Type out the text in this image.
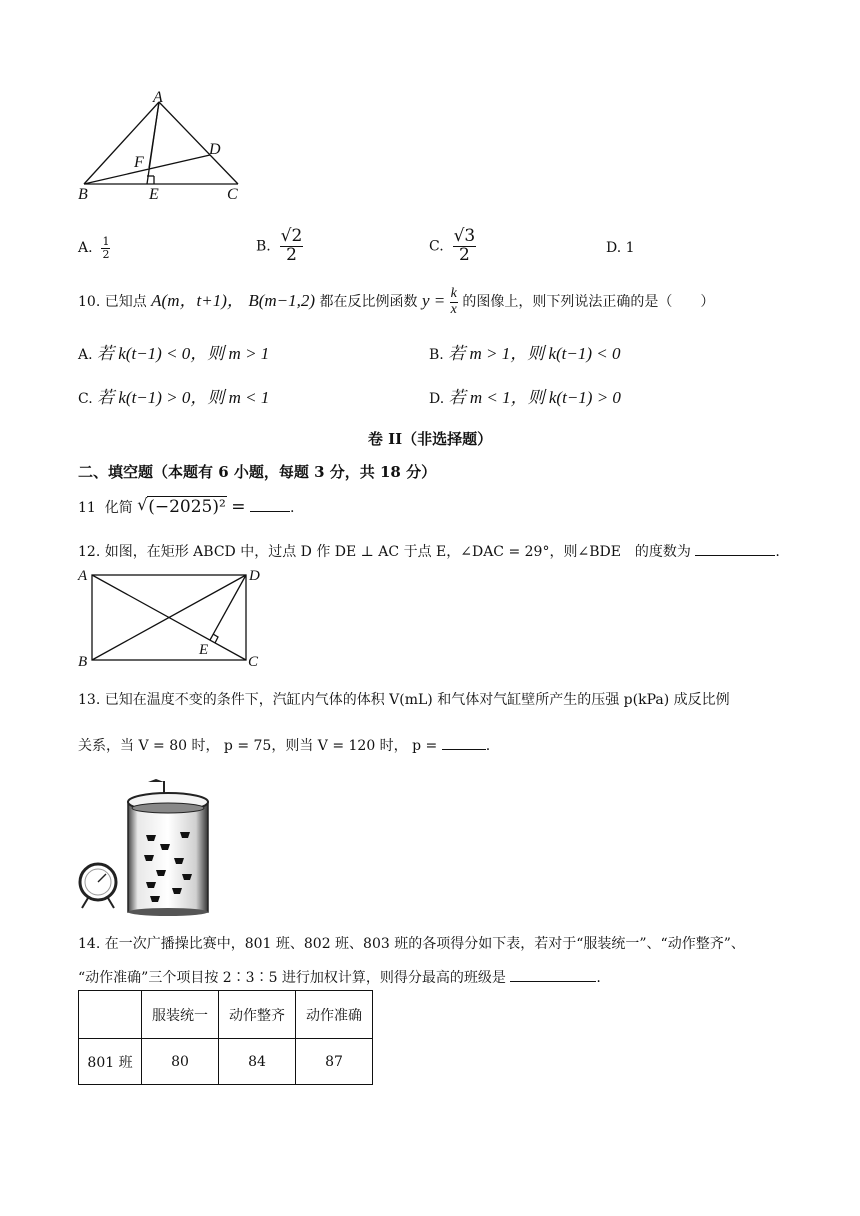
A
B	C
D
E
F
A. $\frac{1}{2}$	B. $\frac{√2}{2}$	C. $\frac{√3}{2}$	D. 1
10. 已知点 A(m，t+1)， B(m−1,2) 都在反比例函数 $y = \frac{k}{x}$ 的图像上，则下列说法正确的是（　　）
A. 若 k(t−1) < 0，则 m > 1	B. 若 m > 1，则 k(t−1) < 0
C. 若 k(t−1) > 0，则 m < 1	D. 若 m < 1，则 k(t−1) > 0
卷 II（非选择题）
二、填空题（本题有 6 小题，每题 3 分，共 18 分）
11 化简 √ (−2025)² =	.
12. 如图，在矩形 ABCD 中，过点 D 作 DE ⊥ AC 于点 E，∠DAC = 29°，则∠BDE　的度数为	.
A
B	C
D
E
13. 已知在温度不变的条件下，汽缸内气体的体积 V(mL) 和气体对气缸壁所产生的压强 p(kPa) 成反比例
关系，当 V = 80 时， p = 75，则当 V = 120 时， p =	.
14. 在一次广播操比赛中，801 班、802 班、803 班的各项得分如下表，若对于“服装统一”、“动作整齐”、
“动作准确”三个项目按 2∶3∶5 进行加权计算，则得分最高的班级是	.
	服装统一	动作整齐	动作准确
801 班	80	84	87
